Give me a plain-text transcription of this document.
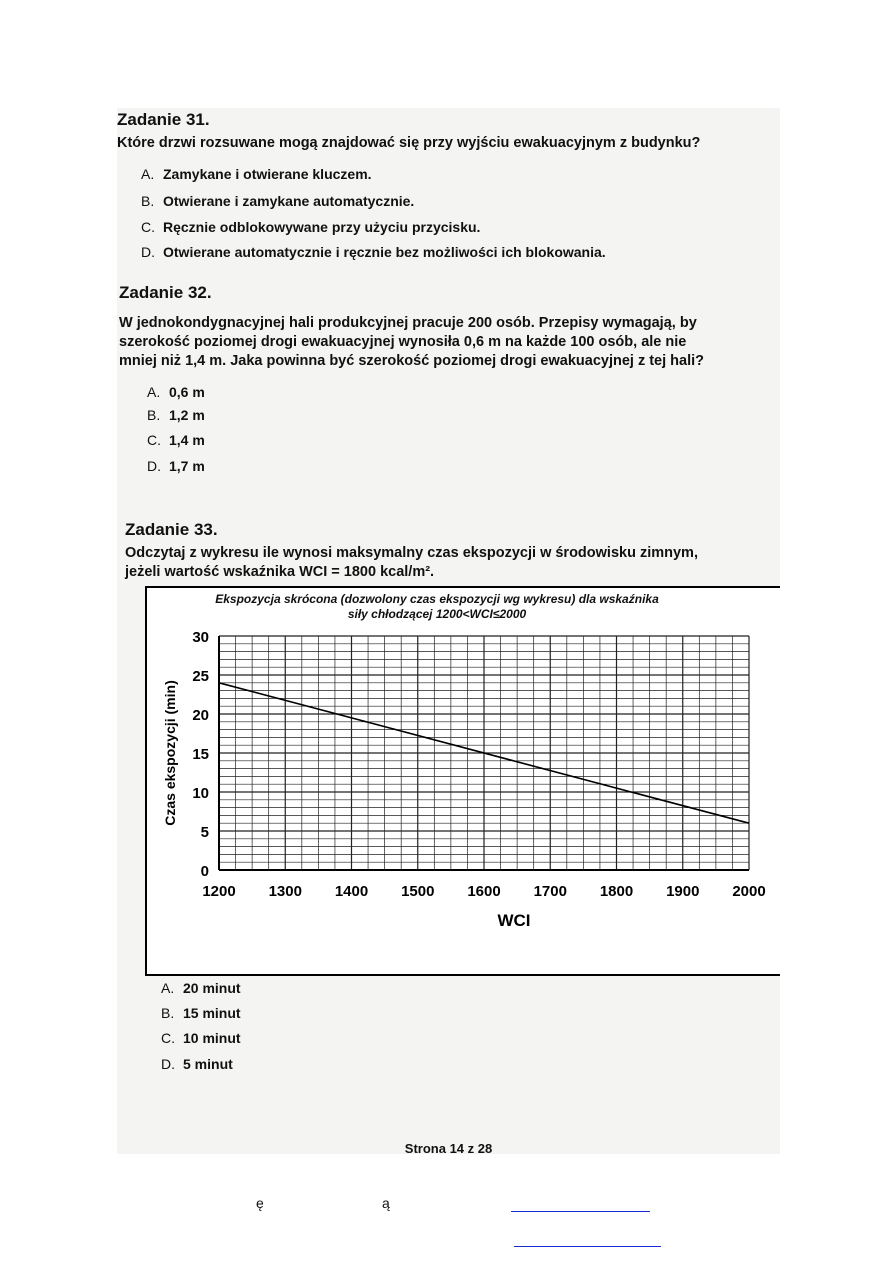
Zadanie 31.
Które drzwi rozsuwane mogą znajdować się przy wyjściu ewakuacyjnym z budynku?
A. Zamykane i otwierane kluczem.
B. Otwierane i zamykane automatycznie.
C. Ręcznie odblokowywane przy użyciu przycisku.
D. Otwierane automatycznie i ręcznie bez możliwości ich blokowania.
Zadanie 32.
W jednokondygnacyjnej hali produkcyjnej pracuje 200 osób. Przepisy wymagają, by
szerokość poziomej drogi ewakuacyjnej wynosiła 0,6 m na każde 100 osób, ale nie
mniej niż 1,4 m. Jaka powinna być szerokość poziomej drogi ewakuacyjnej z tej hali?
A. 0,6 m
B. 1,2 m
C. 1,4 m
D. 1,7 m
Zadanie 33.
Odczytaj z wykresu ile wynosi maksymalny czas ekspozycji w środowisku zimnym,
jeżeli wartość wskaźnika WCI = 1800 kcal/m².
Ekspozycja skrócona (dozwolony czas ekspozycji wg wykresu) dla wskaźnika
siły chłodzącej 1200<WCI≤2000
0
5
10
15
20
25
30
1200 1300 1400 1500 1600 1700 1800 1900 2000
WCI
Czas ekspozycji (min)
A. 20 minut
B. 15 minut
C. 10 minut
D. 5 minut
Strona 14 z 28
ę	ą
